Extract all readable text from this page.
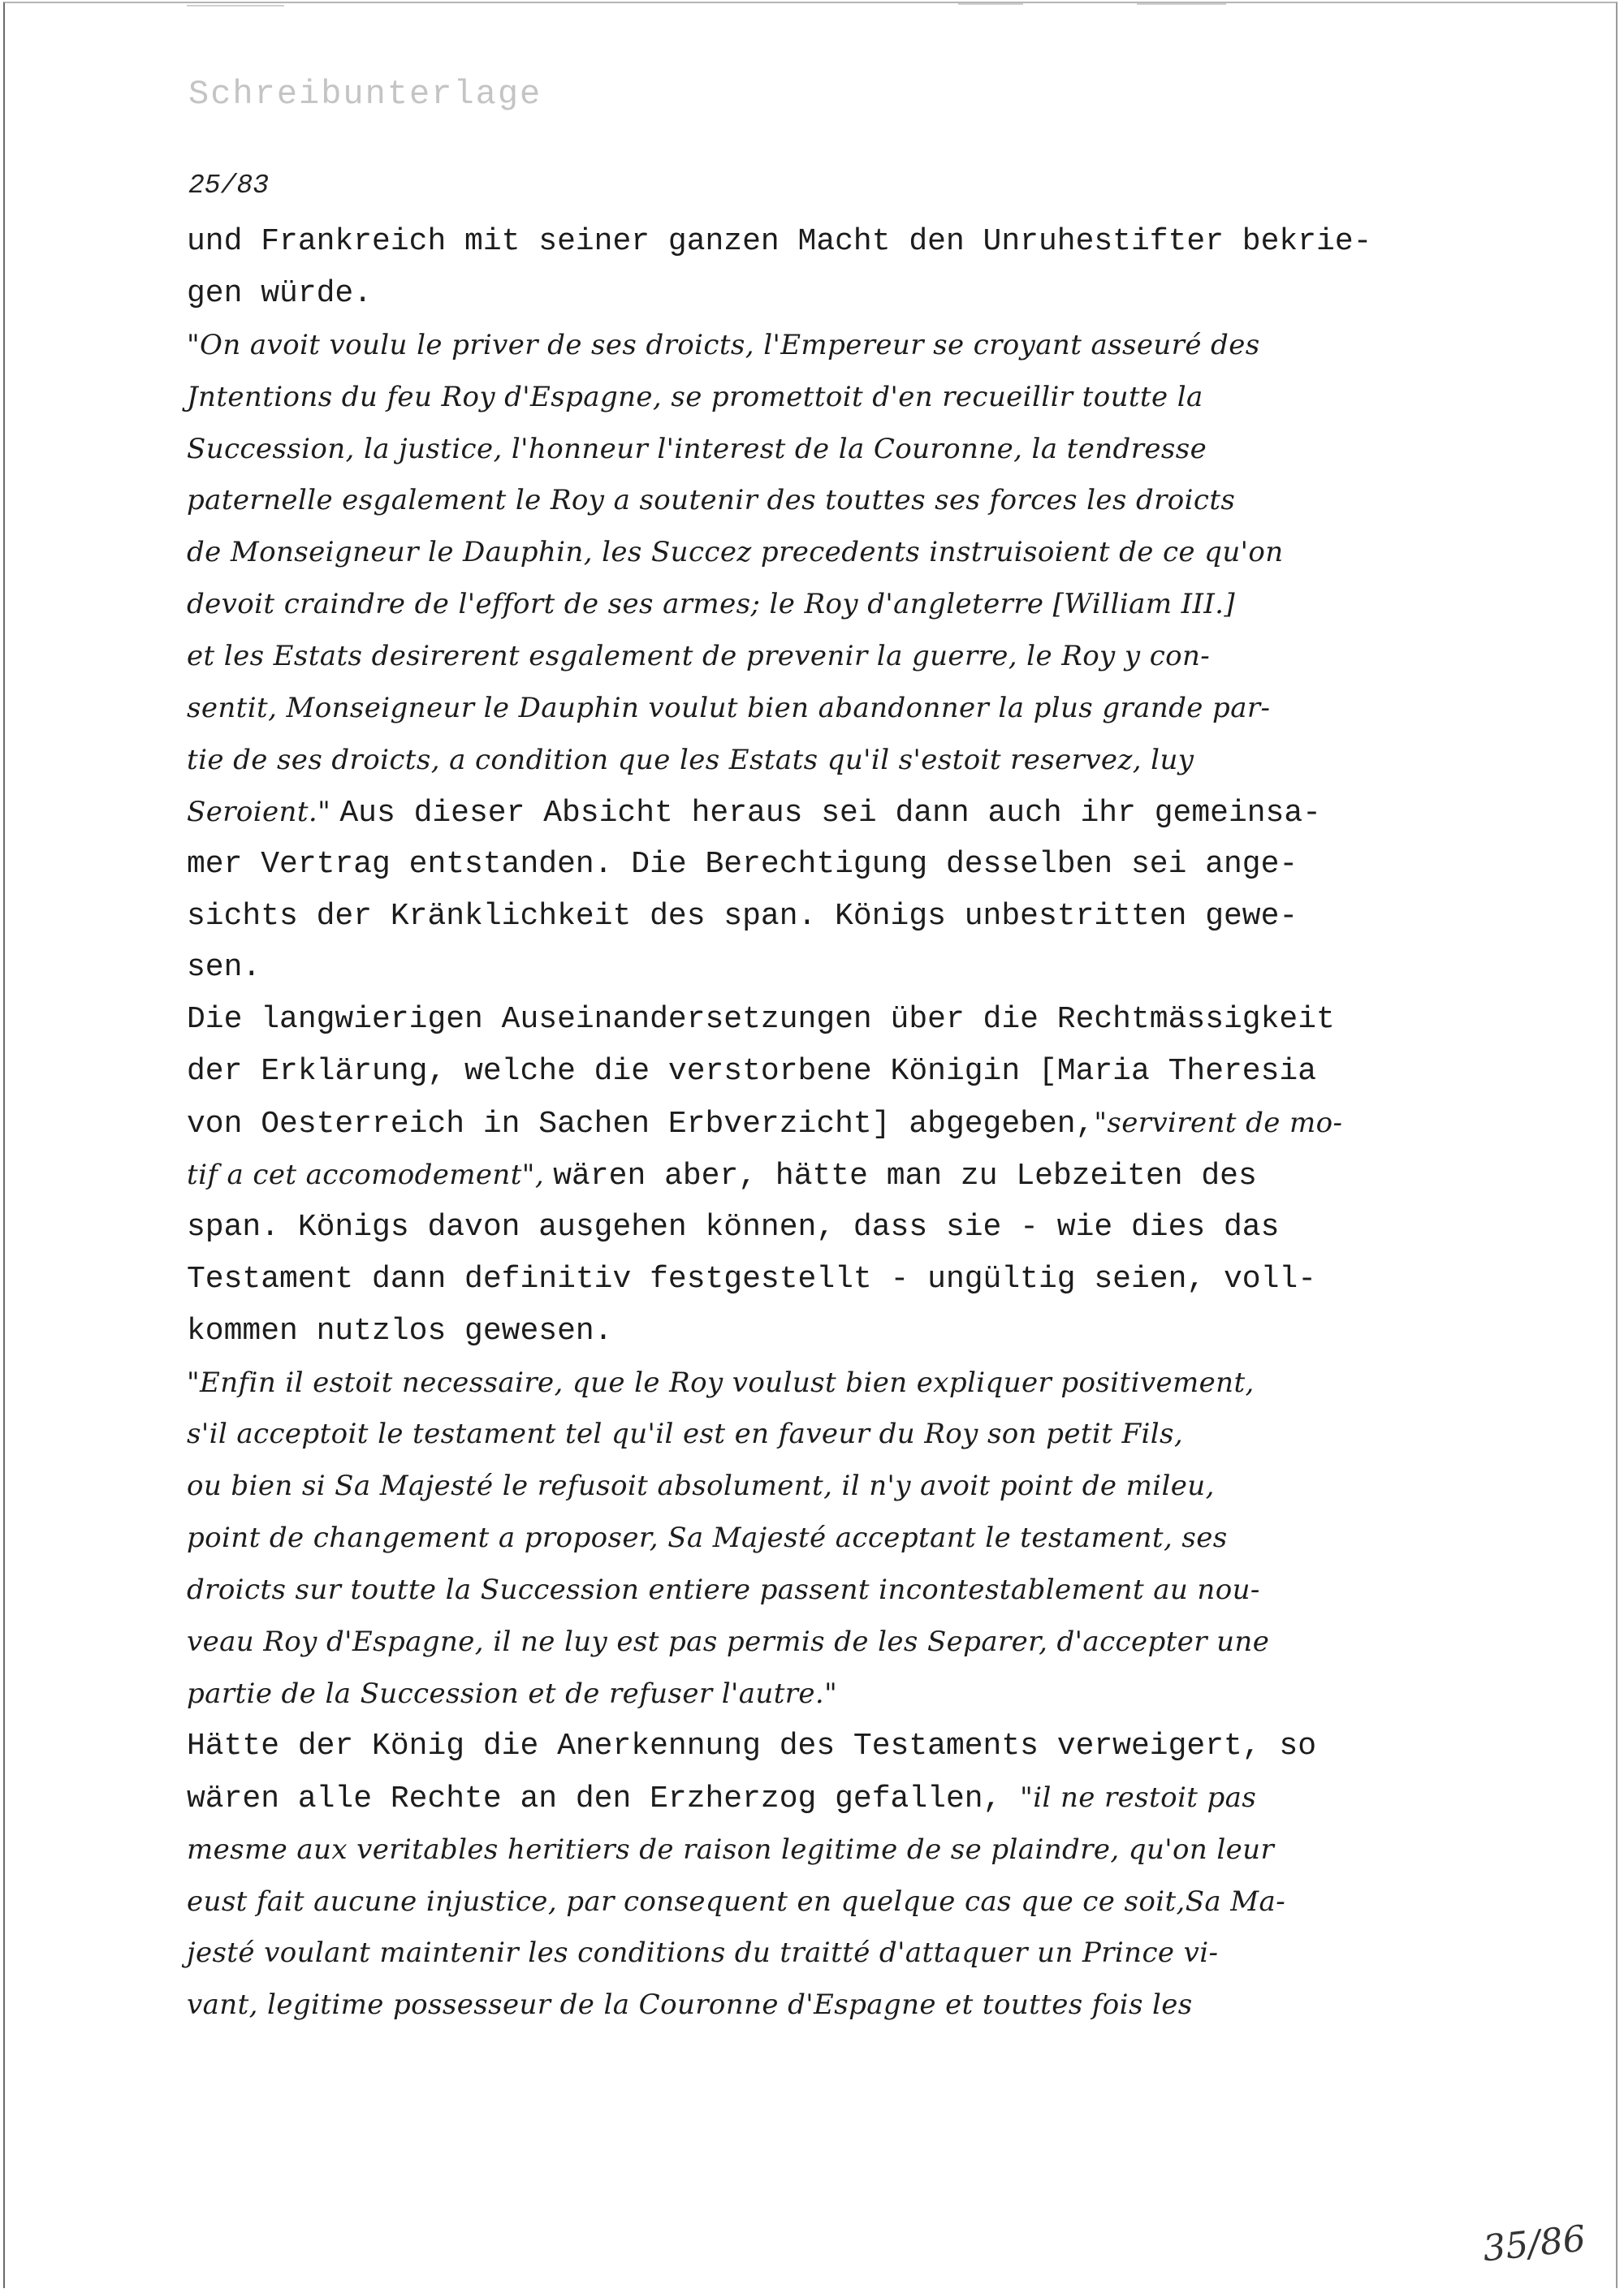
Schreibunterlage
25/83
und Frankreich mit seiner ganzen Macht den Unruhestifter bekrie-
gen würde.
"On avoit voulu le priver de ses droicts, l'Empereur se croyant asseuré des
Jntentions du feu Roy d'Espagne, se promettoit d'en recueillir toutte la
Succession, la justice, l'honneur l'interest de la Couronne, la tendresse
paternelle esgalement le Roy a soutenir des touttes ses forces les droicts
de Monseigneur le Dauphin, les Succez precedents instruisoient de ce qu'on
devoit craindre de l'effort de ses armes; le Roy d'angleterre [William III.]
et les Estats desirerent esgalement de prevenir la guerre, le Roy y con-
sentit, Monseigneur le Dauphin voulut bien abandonner la plus grande par-
tie de ses droicts, a condition que les Estats qu'il s'estoit reservez, luy
Seroient." Aus dieser Absicht heraus sei dann auch ihr gemeinsa-
mer Vertrag entstanden. Die Berechtigung desselben sei ange-
sichts der Kränklichkeit des span. Königs unbestritten gewe-
sen.
Die langwierigen Auseinandersetzungen über die Rechtmässigkeit
der Erklärung, welche die verstorbene Königin [Maria Theresia
von Oesterreich in Sachen Erbverzicht] abgegeben,"servirent de mo-
tif a cet accomodement", wären aber, hätte man zu Lebzeiten des
span. Königs davon ausgehen können, dass sie - wie dies das
Testament dann definitiv festgestellt - ungültig seien, voll-
kommen nutzlos gewesen.
"Enfin il estoit necessaire, que le Roy voulust bien expliquer positivement,
s'il acceptoit le testament tel qu'il est en faveur du Roy son petit Fils,
ou bien si Sa Majesté le refusoit absolument, il n'y avoit point de mileu,
point de changement a proposer, Sa Majesté acceptant le testament, ses
droicts sur toutte la Succession entiere passent incontestablement au nou-
veau Roy d'Espagne, il ne luy est pas permis de les Separer, d'accepter une
partie de la Succession et de refuser l'autre."
Hätte der König die Anerkennung des Testaments verweigert, so
wären alle Rechte an den Erzherzog gefallen, "il ne restoit pas
mesme aux veritables heritiers de raison legitime de se plaindre, qu'on leur
eust fait aucune injustice, par consequent en quelque cas que ce soit,Sa Ma-
jesté voulant maintenir les conditions du traitté d'attaquer un Prince vi-
vant, legitime possesseur de la Couronne d'Espagne et touttes fois les
35/86
